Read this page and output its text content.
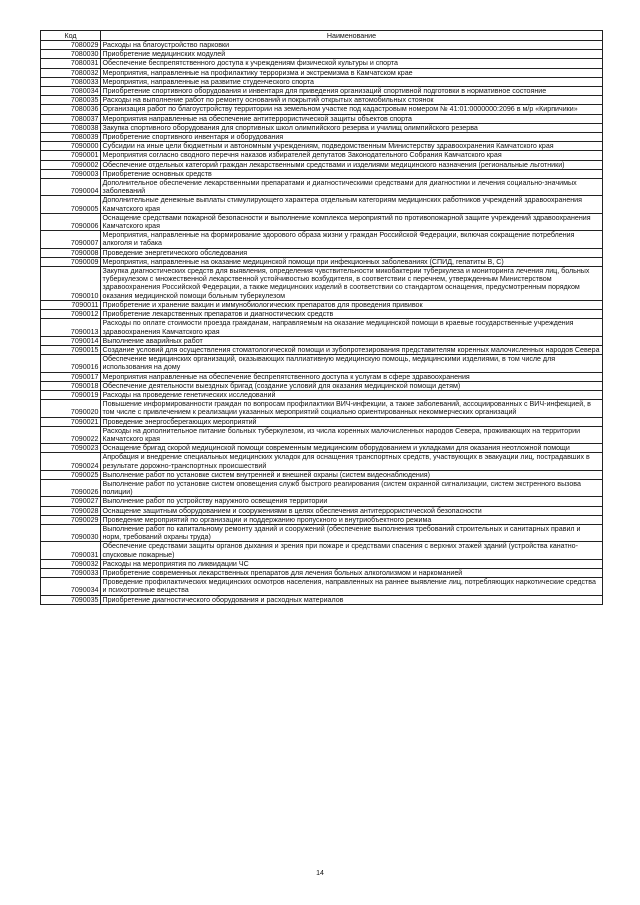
Код	Наименование
7080029	Расходы на благоустройство парковки
7080030	Приобретение медицинских модулей
7080031	Обеспечение беспрепятственного доступа к учреждениям физической культуры и спорта
7080032	Мероприятия, направленные на профилактику терроризма и экстремизма в Камчатском крае
7080033	Мероприятия, направленные на развитие студенческого спорта
7080034	Приобретение спортивного оборудования и инвентаря для приведения организаций спортивной подготовки в нормативное состояние
7080035	Расходы на выполнение работ по ремонту оснований и покрытий открытых автомобильных стоянок
7080036	Организация работ по благоустройству территории на земельном участке под кадастровым номером № 41:01:0000000:2096 в м/р «Кирпичики»
7080037	Мероприятия направленные на обеспечение антитеррористической защиты объектов спорта
7080038	Закупка спортивного оборудования для спортивных школ олимпийского резерва и училищ олимпийского резерва
7080039	Приобретение спортивного инвентаря и оборудования
7090000	Субсидии на иные цели бюджетным и автономным учреждениям, подведомственным Министерству здравоохранения Камчатского края
7090001	Мероприятия согласно сводного перечня наказов избирателей депутатов Законодательного Собрания Камчатского края
7090002	Обеспечение отдельных категорий граждан лекарственными средствами и изделиями медицинского назначения (региональные льготники)
7090003	Приобретение основных средств
7090004	Дополнительное обеспечение лекарственными препаратами и диагностическими средствами для диагностики и лечения социально-значимых заболеваний
7090005	Дополнительные денежные выплаты стимулирующего характера отдельным категориям медицинских работников учреждений здравоохранения Камчатского края
7090006	Оснащение средствами пожарной безопасности и выполнение комплекса мероприятий по противопожарной защите учреждений здравоохранения Камчатского края
7090007	Мероприятия, направленные на формирование здорового образа жизни у граждан Российской Федерации, включая сокращение потребления алкоголя и табака
7090008	Проведение энергетического обследования
7090009	Мероприятия, направленные на оказание медицинской помощи при инфекционных заболеваниях (СПИД, гепатиты B, C)
7090010	Закупка диагностических средств для выявления, определения чувствительности микобактерии туберкулеза и мониторинга лечения лиц, больных туберкулезом с множественной лекарственной устойчивостью возбудителя, в соответствии с перечнем, утвержденным Министерством здравоохранения Российской Федерации, а также медицинских изделий в соответствии со стандартом оснащения, предусмотренным порядком оказания медицинской помощи больным туберкулезом
7090011	Приобретение и хранение вакцин и иммунобиологических препаратов для проведения прививок
7090012	Приобретение лекарственных препаратов и диагностических средств
7090013	Расходы по оплате стоимости проезда гражданам, направляемым на оказание медицинской помощи в краевые государственные учреждения здравоохранения Камчатского края
7090014	Выполнение аварийных работ
7090015	Создание условий для осуществления стоматологической помощи и зубопротезирования представителям коренных малочисленных народов Севера
7090016	Обеспечение медицинских организаций, оказывающих паллиативную медицинскую помощь, медицинскими изделиями, в том числе для использования на дому
7090017	Мероприятия направленные на обеспечение беспрепятственного доступа к услугам в сфере здравоохранения
7090018	Обеспечение деятельности выездных бригад (создание условий для оказания медицинской помощи детям)
7090019	Расходы на проведение генетических исследований
7090020	Повышение информированности граждан по вопросам профилактики ВИЧ-инфекции, а также заболеваний, ассоциированных с ВИЧ-инфекцией, в том числе с привлечением к реализации указанных мероприятий социально ориентированных некоммерческих организаций
7090021	Проведение энергосберегающих мероприятий
7090022	Расходы на дополнительное питание больных туберкулезом, из числа коренных малочисленных народов Севера, проживающих на территории Камчатского края
7090023	Оснащение бригад скорой медицинской помощи современным медицинским оборудованием и укладками для оказания неотложной помощи
7090024	Апробация и внедрение специальных медицинских укладок для оснащения транспортных средств, участвующих в эвакуации лиц, пострадавших в результате дорожно-транспортных происшествий
7090025	Выполнение работ по установке систем внутренней и внешней охраны (систем видеонаблюдения)
7090026	Выполнение работ по установке систем оповещения служб быстрого реагирования (систем охранной сигнализации, систем экстренного вызова полиции)
7090027	Выполнение работ по устройству наружного освещения территории
7090028	Оснащение защитным оборудованием и сооружениями в целях обеспечения антитеррористической безопасности
7090029	Проведение мероприятий по организации и поддержанию пропускного и внутриобъектного режима
7090030	Выполнение работ по капитальному ремонту зданий и сооружений (обеспечение выполнения требований строительных и санитарных правил и норм, требований охраны труда)
7090031	Обеспечение средствами защиты органов дыхания и зрения при пожаре и средствами спасения с верхних этажей зданий (устройства канатно-спусковые пожарные)
7090032	Расходы на мероприятия по ликвидации ЧС
7090033	Приобретение современных лекарственных препаратов для лечения больных алкоголизмом и наркоманией
7090034	Проведение профилактических медицинских осмотров населения, направленных на раннее выявление лиц, потребляющих наркотические средства и психотропные вещества
7090035	Приобретение диагностического оборудования и расходных материалов
14
